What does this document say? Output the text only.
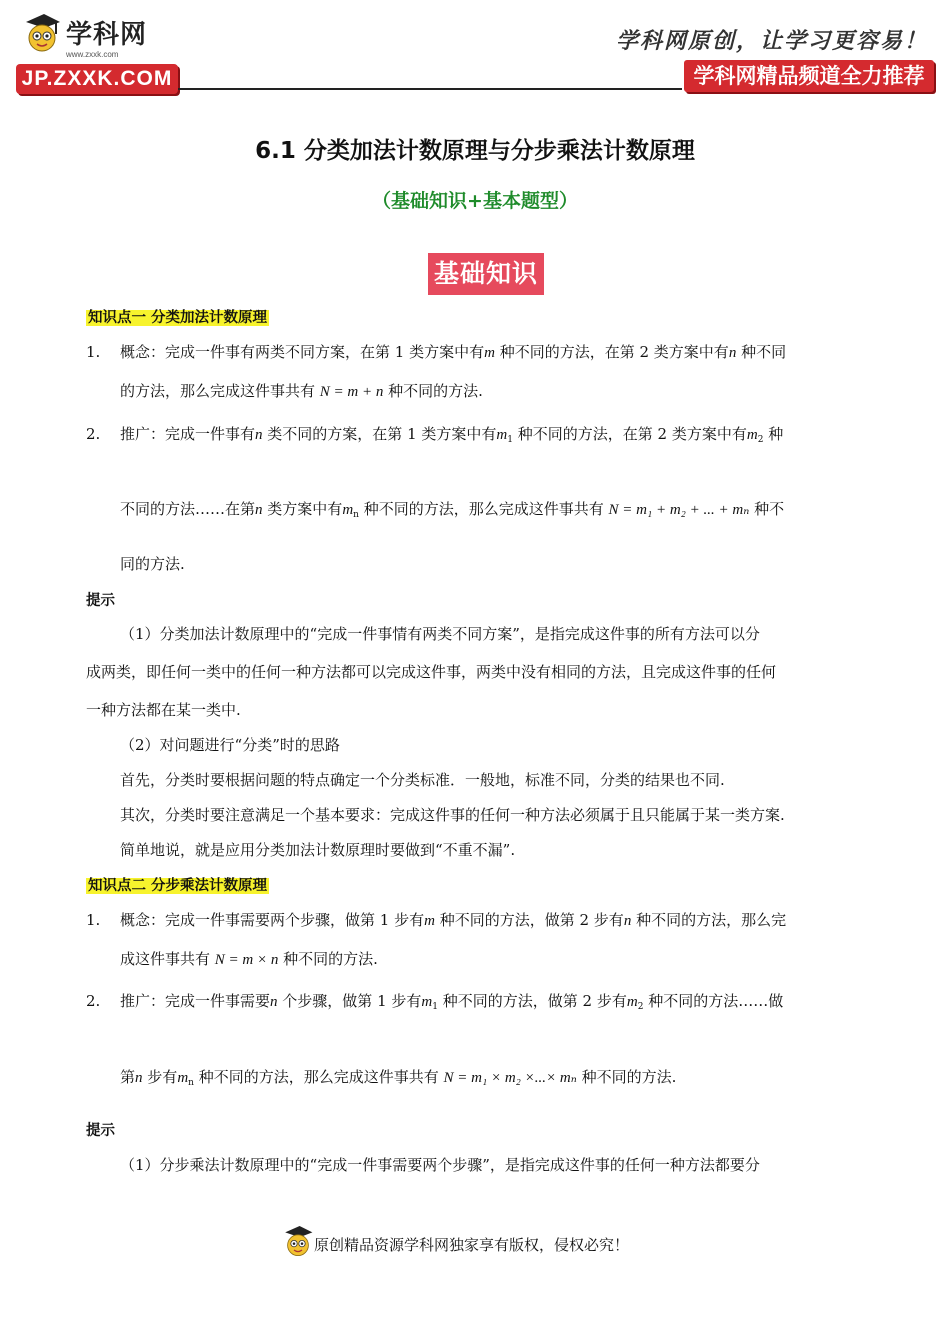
学科网
www.zxxk.com
JP.ZXXK.COM
学科网原创，让学习更容易！
学科网精品频道全力推荐
6.1 分类加法计数原理与分步乘法计数原理
（基础知识+基本题型）
基础知识
知识点一 分类加法计数原理
1. 概念：完成一件事有两类不同方案，在第 1 类方案中有m 种不同的方法，在第 2 类方案中有n 种不同
的方法，那么完成这件事共有 N = m + n 种不同的方法.
2. 推广：完成一件事有n 类不同的方案，在第 1 类方案中有$m_1$ 种不同的方法，在第 2 类方案中有$m_2$ 种
不同的方法……在第n 类方案中有$m_n$ 种不同的方法，那么完成这件事共有 N = m₁ + m₂ + ... + mₙ 种不
同的方法.
提示
（1）分类加法计数原理中的“完成一件事情有两类不同方案”，是指完成这件事的所有方法可以分
成两类，即任何一类中的任何一种方法都可以完成这件事，两类中没有相同的方法，且完成这件事的任何
一种方法都在某一类中.
（2）对问题进行“分类”时的思路
首先，分类时要根据问题的特点确定一个分类标准．一般地，标准不同，分类的结果也不同.
其次，分类时要注意满足一个基本要求：完成这件事的任何一种方法必须属于且只能属于某一类方案.
简单地说，就是应用分类加法计数原理时要做到“不重不漏”.
知识点二 分步乘法计数原理
1. 概念：完成一件事需要两个步骤，做第 1 步有m 种不同的方法，做第 2 步有n 种不同的方法，那么完
成这件事共有 N = m × n 种不同的方法.
2. 推广：完成一件事需要n 个步骤，做第 1 步有$m_1$ 种不同的方法，做第 2 步有$m_2$ 种不同的方法……做
第n 步有$m_n$ 种不同的方法，那么完成这件事共有 N = m₁ × m₂ ×...× mₙ 种不同的方法.
提示
（1）分步乘法计数原理中的“完成一件事需要两个步骤”，是指完成这件事的任何一种方法都要分
原创精品资源学科网独家享有版权，侵权必究！
